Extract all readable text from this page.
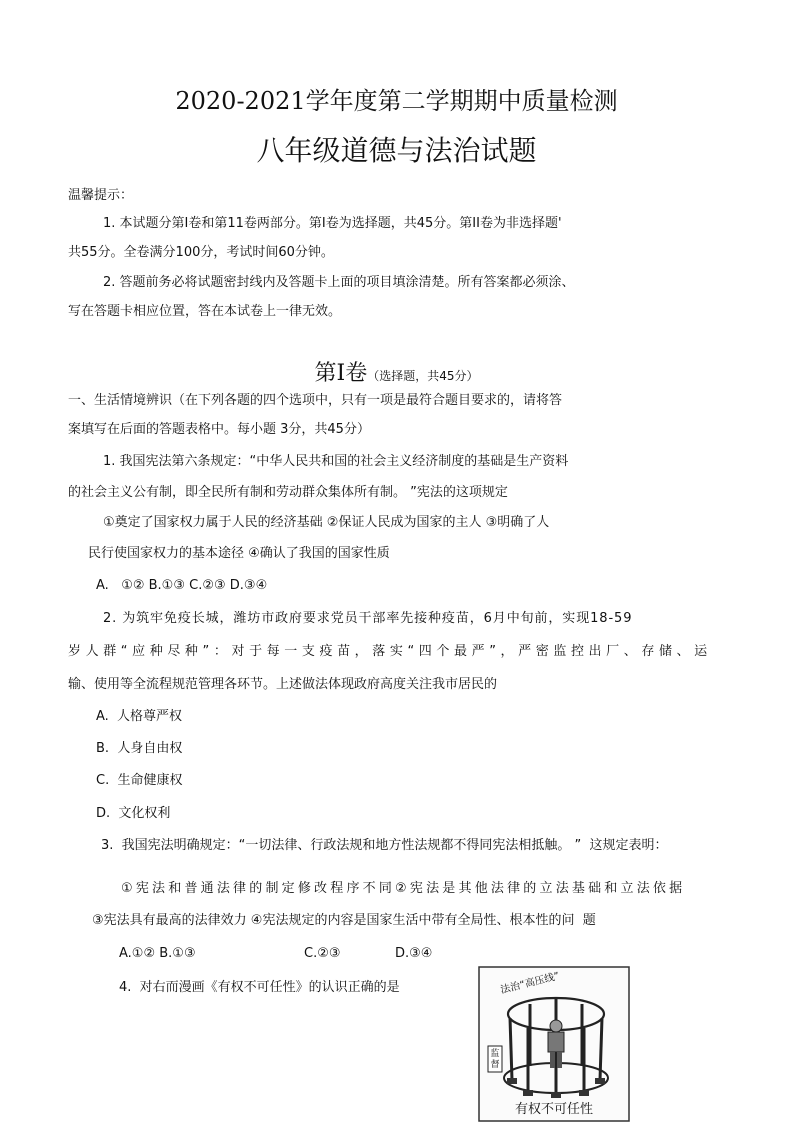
2020-2021学年度第二学期期中质量检测
八年级道德与法治试题
温馨提示：
1. 本试题分第I卷和第11卷两部分。第I卷为选择题，共45分。第II卷为非选择题'
共55分。全卷满分100分，考试时间60分钟。
2. 答题前务必将试题密封线内及答题卡上面的项目填涂清楚。所有答案都必须涂、
写在答题卡相应位置，答在本试卷上一律无效。
第I卷（选择题，共45分）
一、生活情境辨识（在下列各题的四个选项中，只有一项是最符合题目要求的，请将答
案填写在后面的答题表格中。每小题 3分，共45分）
1. 我国宪法第六条规定：“中华人民共和国的社会主义经济制度的基础是生产资料
的社会主义公有制，即全民所有制和劳动群众集体所有制。 ”宪法的这项规定
①奠定了国家权力属于人民的经济基础 ②保证人民成为国家的主人 ③明确了人
民行使国家权力的基本途径 ④确认了我国的国家性质
A.   ①② B.①③ C.②③ D.③④
2. 为筑牢免疫长城，潍坊市政府要求党员干部率先接种疫苗，6月中旬前，实现18-59
岁人群“应种尽种”：对于每一支疫苗，落实“四个最严”，严密监控出厂、存储、运
输、使用等全流程规范管理各环节。上述做法体现政府高度关注我市居民的
A.  人格尊严权
B.  人身自由权
C.  生命健康权
D.  文化权利
3.  我国宪法明确规定：“一切法律、行政法规和地方性法规都不得同宪法相抵触。 ”  这规定表明：
①宪法和普通法律的制定修改程序不同②宪法是其他法律的立法基础和立法依据
③宪法具有最高的法律效力 ④宪法规定的内容是国家生活中带有全局性、根本性的问  题
A.①② B.①③	C.②③	D.③④
4.  对右而漫画《有权不可任性》的认识正确的是
监
督
法治“高压线”
有权不可任性
